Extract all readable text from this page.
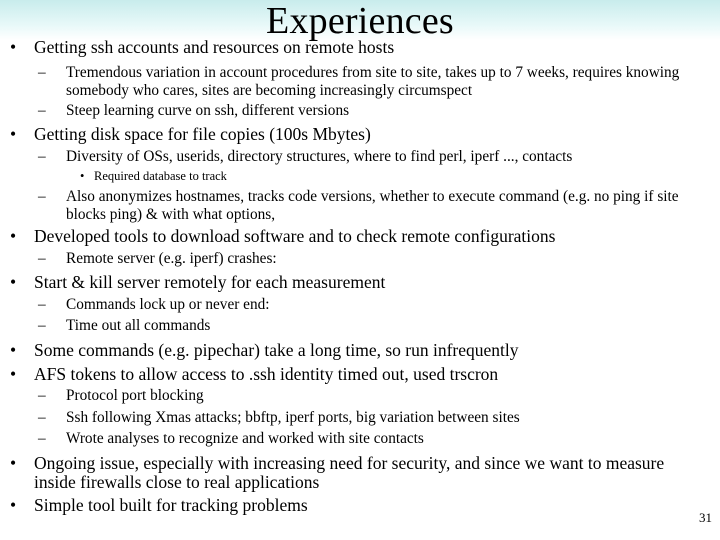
Experiences
•	Getting ssh accounts and resources on remote hosts
–	Tremendous variation in account procedures from site to site, takes up to 7 weeks, requires knowing somebody who cares, sites are becoming increasingly circumspect
–	Steep learning curve on ssh, different versions
•	Getting disk space for file copies (100s Mbytes)
–	Diversity of OSs, userids, directory structures, where to find perl, iperf ..., contacts
• Required database to track
–	Also anonymizes hostnames, tracks code versions, whether to execute command (e.g. no ping if site blocks ping) & with what options,
•	Developed tools to download software and to check remote configurations
–	Remote server (e.g. iperf) crashes:
•	Start & kill server remotely for each measurement
–	Commands lock up or never end:
–	Time out all commands
•	Some commands (e.g. pipechar) take a long time, so run infrequently
•	AFS tokens to allow access to .ssh identity timed out, used trscron
–	Protocol port blocking
–	Ssh following Xmas attacks; bbftp, iperf ports, big variation between sites
–	Wrote analyses to recognize and worked with site contacts
•	Ongoing issue, especially with increasing need for security, and since we want to measure inside firewalls close to real applications
•	Simple tool built for tracking problems
31
